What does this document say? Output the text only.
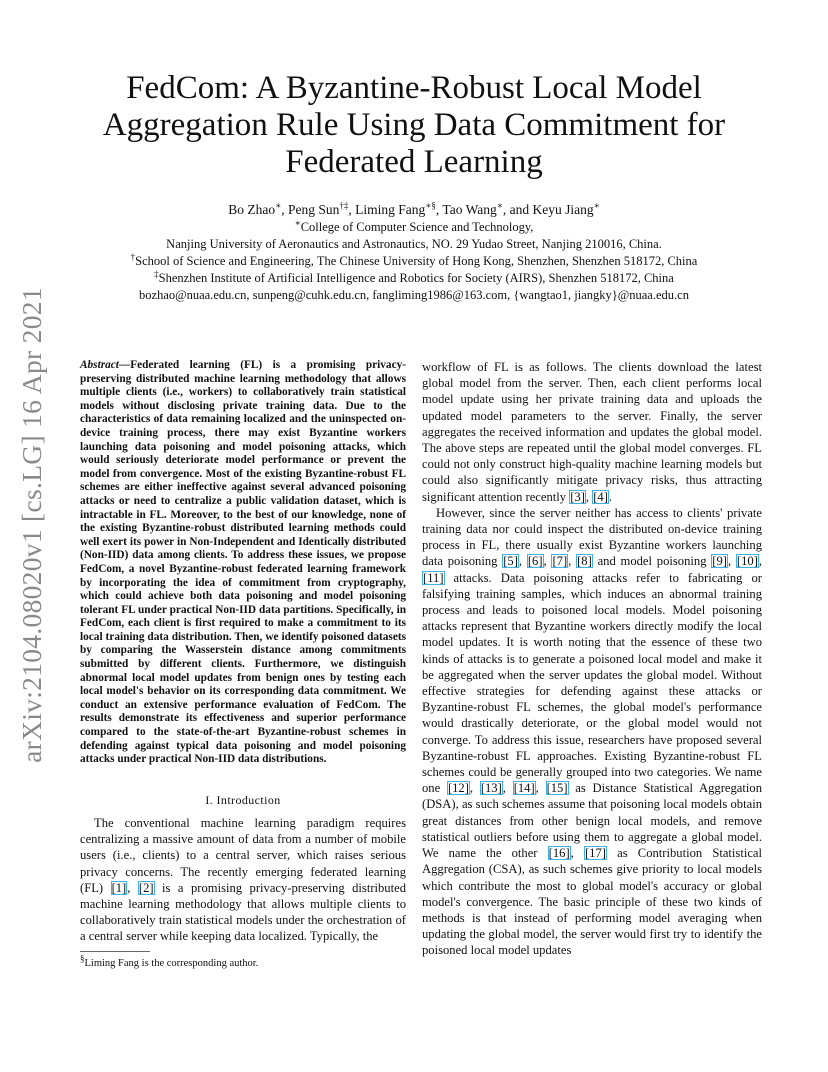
arXiv:2104.08020v1 [cs.LG] 16 Apr 2021
FedCom: A Byzantine-Robust Local Model Aggregation Rule Using Data Commitment for Federated Learning
Bo Zhao∗, Peng Sun†‡, Liming Fang∗§, Tao Wang∗, and Keyu Jiang∗
∗College of Computer Science and Technology,
Nanjing University of Aeronautics and Astronautics, NO. 29 Yudao Street, Nanjing 210016, China.
†School of Science and Engineering, The Chinese University of Hong Kong, Shenzhen, Shenzhen 518172, China
‡Shenzhen Institute of Artificial Intelligence and Robotics for Society (AIRS), Shenzhen 518172, China
bozhao@nuaa.edu.cn, sunpeng@cuhk.edu.cn, fangliming1986@163.com, {wangtao1, jiangky}@nuaa.edu.cn
Abstract—Federated learning (FL) is a promising privacy-preserving distributed machine learning methodology that allows multiple clients (i.e., workers) to collaboratively train statistical models without disclosing private training data. Due to the characteristics of data remaining localized and the uninspected on-device training process, there may exist Byzantine workers launching data poisoning and model poisoning attacks, which would seriously deteriorate model performance or prevent the model from convergence. Most of the existing Byzantine-robust FL schemes are either ineffective against several advanced poisoning attacks or need to centralize a public validation dataset, which is intractable in FL. Moreover, to the best of our knowledge, none of the existing Byzantine-robust distributed learning methods could well exert its power in Non-Independent and Identically distributed (Non-IID) data among clients. To address these issues, we propose FedCom, a novel Byzantine-robust federated learning framework by incorporating the idea of commitment from cryptography, which could achieve both data poisoning and model poisoning tolerant FL under practical Non-IID data partitions. Specifically, in FedCom, each client is first required to make a commitment to its local training data distribution. Then, we identify poisoned datasets by comparing the Wasserstein distance among commitments submitted by different clients. Furthermore, we distinguish abnormal local model updates from benign ones by testing each local model's behavior on its corresponding data commitment. We conduct an extensive performance evaluation of FedCom. The results demonstrate its effectiveness and superior performance compared to the state-of-the-art Byzantine-robust schemes in defending against typical data poisoning and model poisoning attacks under practical Non-IID data distributions.
I. Introduction

The conventional machine learning paradigm requires centralizing a massive amount of data from a number of mobile users (i.e., clients) to a central server, which raises serious privacy concerns. The recently emerging federated learning (FL) [1], [2] is a promising privacy-preserving distributed machine learning methodology that allows multiple clients to collaboratively train statistical models under the orchestration of a central server while keeping data localized. Typically, the

§Liming Fang is the corresponding author.

workflow of FL is as follows. The clients download the latest global model from the server. Then, each client performs local model update using her private training data and uploads the updated model parameters to the server. Finally, the server aggregates the received information and updates the global model. The above steps are repeated until the global model converges. FL could not only construct high-quality machine learning models but could also significantly mitigate privacy risks, thus attracting significant attention recently [3], [4].

However, since the server neither has access to clients' private training data nor could inspect the distributed on-device training process in FL, there usually exist Byzantine workers launching data poisoning [5], [6], [7], [8] and model poisoning [9], [10], [11] attacks. Data poisoning attacks refer to fabricating or falsifying training samples, which induces an abnormal training process and leads to poisoned local models. Model poisoning attacks represent that Byzantine workers directly modify the local model updates. It is worth noting that the essence of these two kinds of attacks is to generate a poisoned local model and make it be aggregated when the server updates the global model. Without effective strategies for defending against these attacks or Byzantine-robust FL schemes, the global model's performance would drastically deteriorate, or the global model would not converge. To address this issue, researchers have proposed several Byzantine-robust FL approaches. Existing Byzantine-robust FL schemes could be generally grouped into two categories. We name one [12], [13], [14], [15] as Distance Statistical Aggregation (DSA), as such schemes assume that poisoning local models obtain great distances from other benign local models, and remove statistical outliers before using them to aggregate a global model. We name the other [16], [17] as Contribution Statistical Aggregation (CSA), as such schemes give priority to local models which contribute the most to global model's accuracy or global model's convergence. The basic principle of these two kinds of methods is that instead of performing model averaging when updating the global model, the server would first try to identify the poisoned local model updates
